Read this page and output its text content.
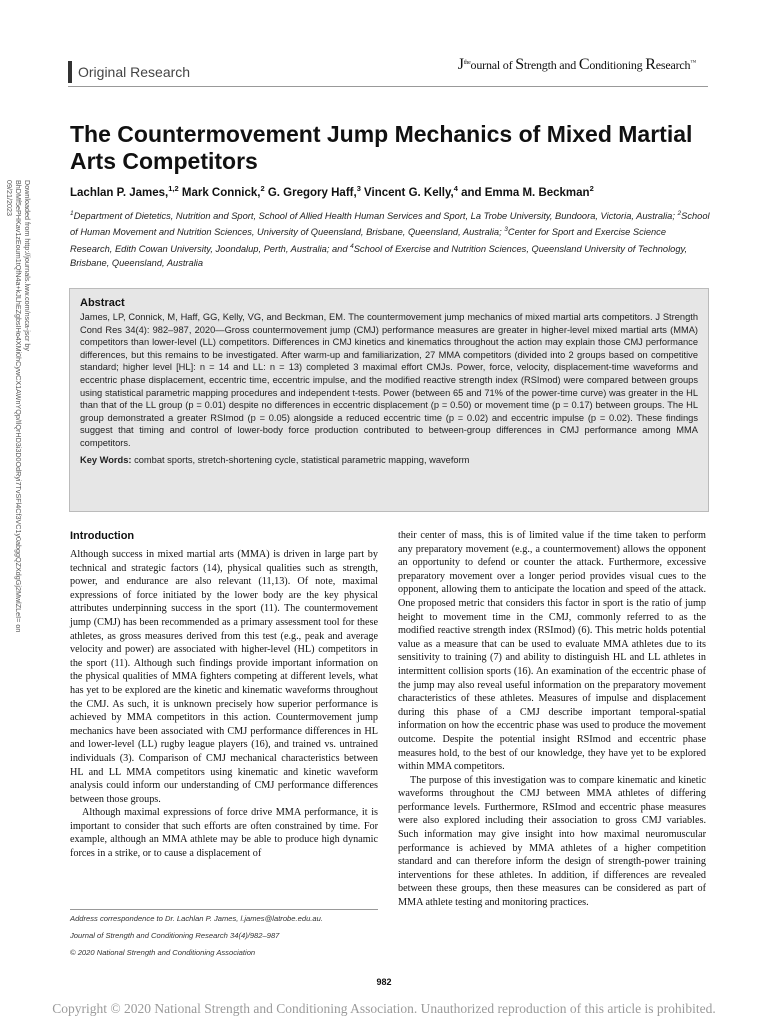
Original Research	$J^{the}ournal$ of Strength and Conditioning Research™
Downloaded from http://journals.lww.com/nsca-jscr by BhDMf5ePHKav1zEoum1tQfN4a+kJLhEZgbsIHo4XMi0hCywCX1AWnYQp/IlQrHD3i3D0OdRyi7TvSFl4Cf3VC1y0abggQZXdgGj2MwlZLeI= on 09/21/2023
The Countermovement Jump Mechanics of Mixed Martial Arts Competitors
Lachlan P. James,$^{1,2}$ Mark Connick,$^2$ G. Gregory Haff,$^3$ Vincent G. Kelly,$^4$ and Emma M. Beckman$^2$
$^1$Department of Dietetics, Nutrition and Sport, School of Allied Health Human Services and Sport, La Trobe University, Bundoora, Victoria, Australia; $^2$School of Human Movement and Nutrition Sciences, University of Queensland, Brisbane, Queensland, Australia; $^3$Center for Sport and Exercise Science Research, Edith Cowan University, Joondalup, Perth, Australia; and $^4$School of Exercise and Nutrition Sciences, Queensland University of Technology, Brisbane, Queensland, Australia
Abstract
James, LP, Connick, M, Haff, GG, Kelly, VG, and Beckman, EM. The countermovement jump mechanics of mixed martial arts competitors. J Strength Cond Res 34(4): 982–987, 2020—Gross countermovement jump (CMJ) performance measures are greater in higher-level mixed martial arts (MMA) competitors than lower-level (LL) competitors. Differences in CMJ kinetics and kinematics throughout the action may explain those CMJ performance differences, but this remains to be investigated. After warm-up and familiarization, 27 MMA competitors (divided into 2 groups based on competitive standard; higher level [HL]: n = 14 and LL: n = 13) completed 3 maximal effort CMJs. Power, force, velocity, displacement-time waveforms and eccentric phase displacement, eccentric time, eccentric impulse, and the modified reactive strength index (RSImod) were compared between groups using statistical parametric mapping procedures and independent t-tests. Power (between 65 and 71% of the power-time curve) was greater in the HL than that of the LL group (p = 0.01) despite no differences in eccentric displacement (p = 0.50) or movement time (p = 0.17) between groups. The HL group demonstrated a greater RSImod (p = 0.05) alongside a reduced eccentric time (p = 0.02) and eccentric impulse (p = 0.02). These findings suggest that timing and control of lower-body force production contributed to between-group differences in CMJ performance among MMA competitors.
Key Words: combat sports, stretch-shortening cycle, statistical parametric mapping, waveform
Introduction

Although success in mixed martial arts (MMA) is driven in large part by technical and strategic factors (14), physical qualities such as strength, power, and endurance are also relevant (11,13). Of note, maximal expressions of force initiated by the lower body are the key physical attributes underpinning success in the sport (11). The countermovement jump (CMJ) has been recommended as a primary assessment tool for these athletes, as gross measures derived from this test (e.g., peak and average velocity and power) are associated with higher-level (HL) competitors in the sport (11). Although such findings provide important information on the physical qualities of MMA fighters competing at different levels, what has yet to be explored are the kinetic and kinematic waveforms throughout the CMJ. As such, it is unknown precisely how superior performance is achieved by MMA competitors in this action. Countermovement jump mechanics have been associated with CMJ performance differences in HL and lower-level (LL) rugby league players (16), and trained vs. untrained individuals (3). Comparison of CMJ mechanical characteristics between HL and LL MMA competitors using kinematic and kinetic waveform analysis could inform our understanding of CMJ performance differences between those groups.

Although maximal expressions of force drive MMA performance, it is important to consider that such efforts are often constrained by time. For example, although an MMA athlete may be able to produce high dynamic forces in a strike, or to cause a displacement of

their center of mass, this is of limited value if the time taken to perform any preparatory movement (e.g., a countermovement) allows the opponent an opportunity to defend or counter the attack. Furthermore, excessive preparatory movement over a longer period provides visual cues to the opponent, allowing them to anticipate the location and speed of the attack. One proposed metric that considers this factor in sport is the ratio of jump height to movement time in the CMJ, commonly referred to as the modified reactive strength index (RSImod) (6). This metric holds potential value as a measure that can be used to evaluate MMA athletes due to its sensitivity to training (7) and ability to distinguish HL and LL athletes in intermittent collision sports (16). An examination of the eccentric phase of the jump may also reveal useful information on the preparatory movement characteristics of these athletes. Measures of impulse and displacement during this phase of a CMJ describe important temporal-spatial information on how the eccentric phase was used to produce the movement outcome. Despite the potential insight RSImod and eccentric phase measures hold, to the best of our knowledge, they have yet to be explored within MMA competitors.

The purpose of this investigation was to compare kinematic and kinetic waveforms throughout the CMJ between MMA athletes of differing performance levels. Furthermore, RSImod and eccentric phase measures were also explored including their association to gross CMJ variables. Such information may give insight into how maximal neuromuscular performance is achieved by MMA athletes of a higher competition standard and can therefore inform the design of strength-power training interventions for these athletes. In addition, if differences are revealed between these groups, then these measures can be considered as part of MMA athlete testing and monitoring practices.

Address correspondence to Dr. Lachlan P. James, l.james@latrobe.edu.au.
Journal of Strength and Conditioning Research 34(4)/982–987
© 2020 National Strength and Conditioning Association
982
Copyright © 2020 National Strength and Conditioning Association. Unauthorized reproduction of this article is prohibited.
